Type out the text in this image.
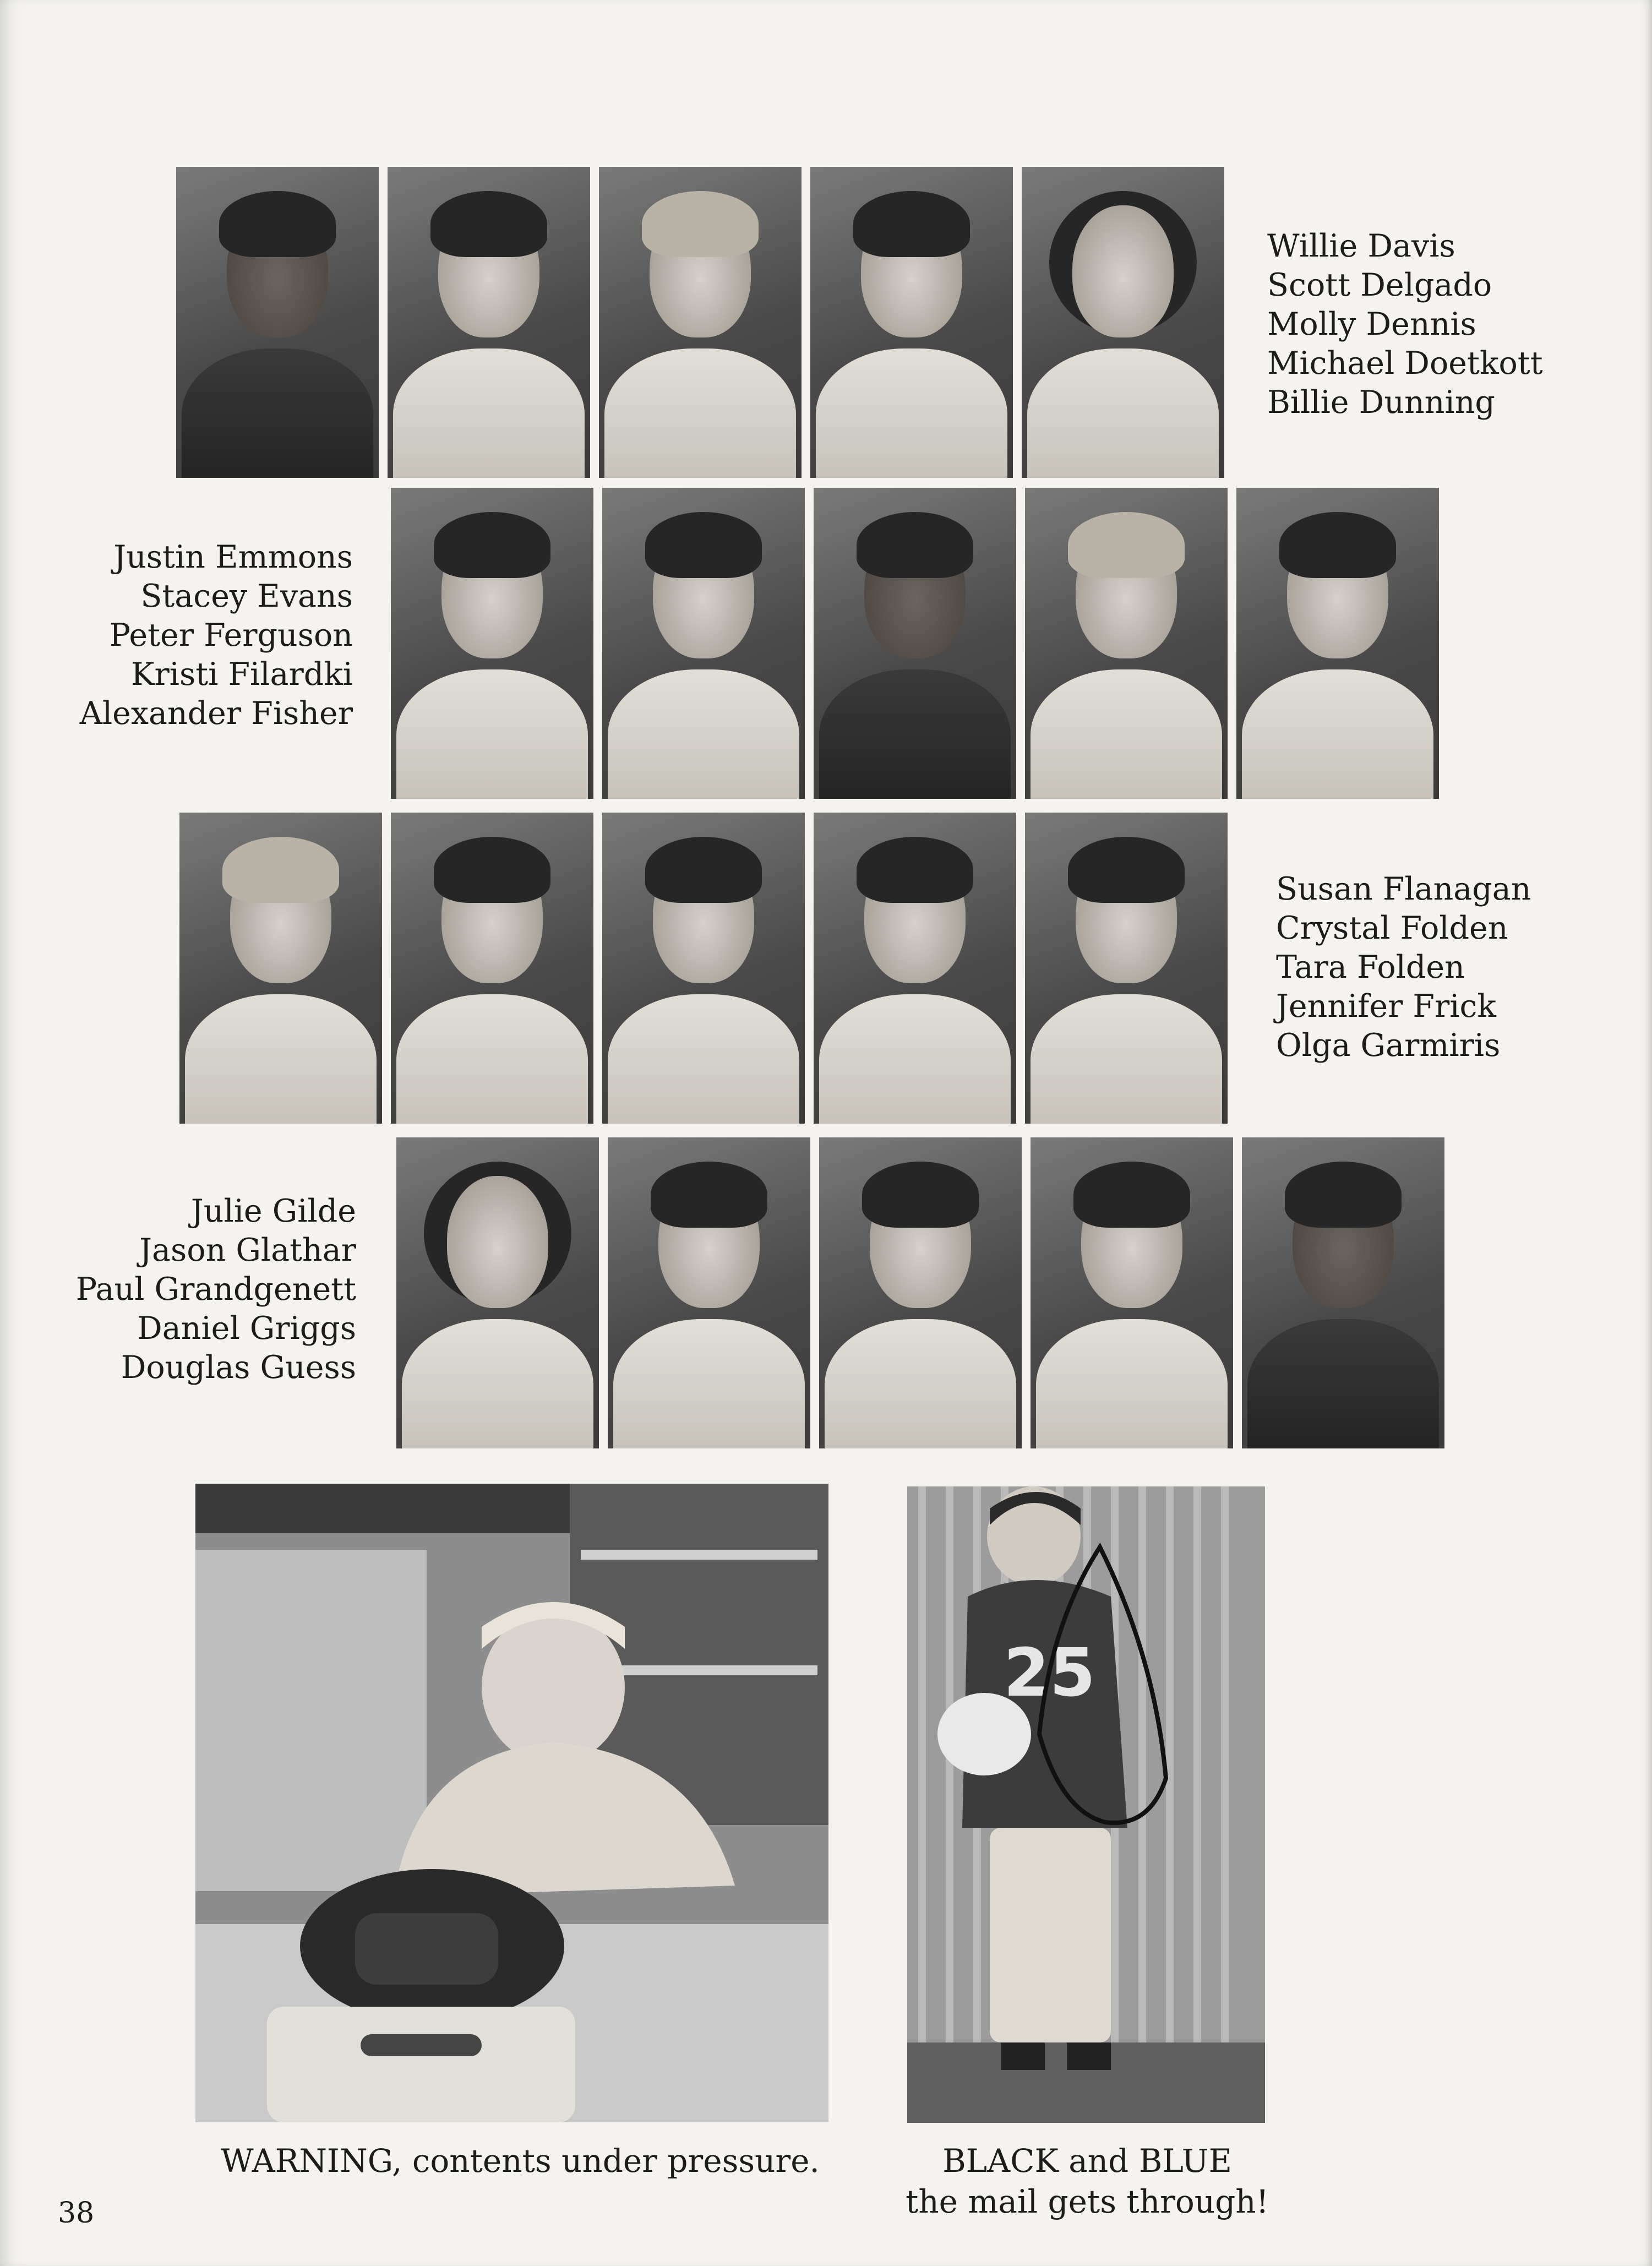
Willie Davis
Scott Delgado
Molly Dennis
Michael Doetkott
Billie Dunning
Justin Emmons
Stacey Evans
Peter Ferguson
Kristi Filardki
Alexander Fisher
Susan Flanagan
Crystal Folden
Tara Folden
Jennifer Frick
Olga Garmiris
Julie Gilde
Jason Glathar
Paul Grandgenett
Daniel Griggs
Douglas Guess
25
WARNING, contents under pressure.	BLACK and BLUE
the mail gets through!
38
